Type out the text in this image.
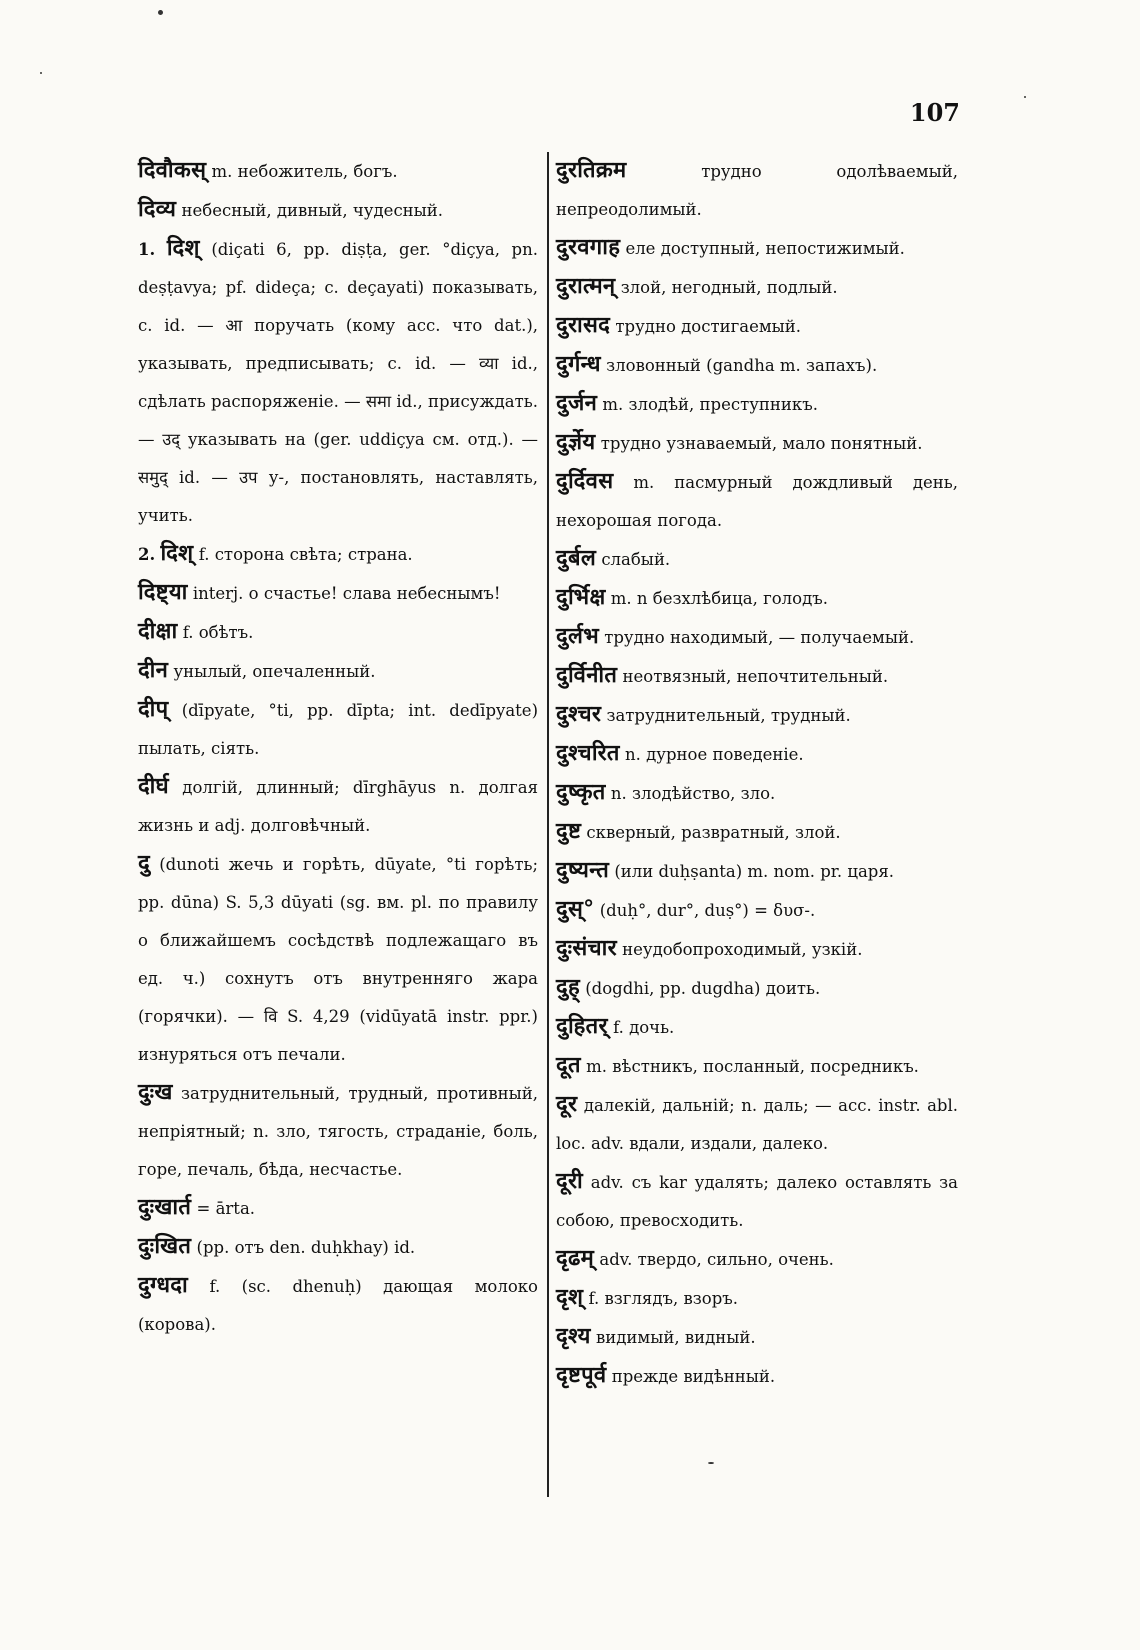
107
दिवौकस् m. небожитель, богъ.
दिव्य небесный, дивный, чудесный.
1. दिश् (diçati 6, pp. diṣṭa, ger. °diçya, pn. deṣṭavya; pf. dideça; c. deçayati) показывать, c. id. — आ поручать (кому acc. что dat.), указывать, предписывать; c. id. — व्या id., сдѣлать распоряженіе. — समा id., присуждать. — उद् указывать на (ger. uddiçya см. отд.). — समुद् id. — उप у-, постановлять, наставлять, учить.
2. दिश् f. сторона свѣта; страна.
दिष्ट्या interj. о счастье! слава небеснымъ!
दीक्षा f. обѣтъ.
दीन унылый, опечаленный.
दीप् (dīpyate, °ti, pp. dīpta; int. dedīpyate) пылать, сіять.
दीर्घ долгій, длинный; dīrghāyus n. долгая жизнь и adj. долговѣчный.
दु (dunoti жечь и горѣть, dūyate, °ti горѣть; pp. dūna) S. 5,3 dūyati (sg. вм. pl. по правилу о ближайшемъ сосѣдствѣ подлежащаго въ ед. ч.) сохнутъ отъ внутренняго жара (горячки). — वि S. 4,29 (vidūyatā instr. ppr.) изнуряться отъ печали.
दुःख затруднительный, трудный, противный, непріятный; n. зло, тягость, страданіе, боль, горе, печаль, бѣда, несчастье.
दुःखार्त = ārta.
दुःखित (pp. отъ den. duḥkhay) id.
दुग्धदा f. (sc. dhenuḥ) дающая молоко (корова).
दुरतिक्रम	трудно одолѣваемый, непреодолимый.
दुरवगाह еле доступный, непостижимый.
दुरात्मन् злой, негодный, подлый.
दुरासद трудно достигаемый.
दुर्गन्ध зловонный (gandha m. запахъ).
दुर्जन m. злодѣй, преступникъ.
दुर्ज्ञेय трудно узнаваемый, мало понятный.
दुर्दिवस m. пасмурный дождливый день, нехорошая погода.
दुर्बल слабый.
दुर्भिक्ष m. n безхлѣбица, голодъ.
दुर्लभ трудно находимый, — получаемый.
दुर्विनीत неотвязный, непочтительный.
दुश्चर затруднительный, трудный.
दुश्चरित n. дурное поведеніе.
दुष्कृत n. злодѣйство, зло.
दुष्ट скверный, развратный, злой.
दुष्यन्त (или duḥṣanta) m. nom. pr. царя.
दुस्° (duḥ°, dur°, duṣ°) = δυσ-.
दुःसंचार неудобопроходимый, узкій.
दुह् (dogdhi, pp. dugdha) доить.
दुहितर् f. дочь.
दूत m. вѣстникъ, посланный, посредникъ.
दूर далекій, дальній; n. даль; — acc. instr. abl. loc. adv. вдали, издали, далеко.
दूरी adv. съ kar удалять; далеко оставлять за собою, превосходить.
दृढम् adv. твердо, сильно, очень.
दृश् f. взглядъ, взоръ.
दृश्य видимый, видный.
दृष्टपूर्व прежде видѣнный.
